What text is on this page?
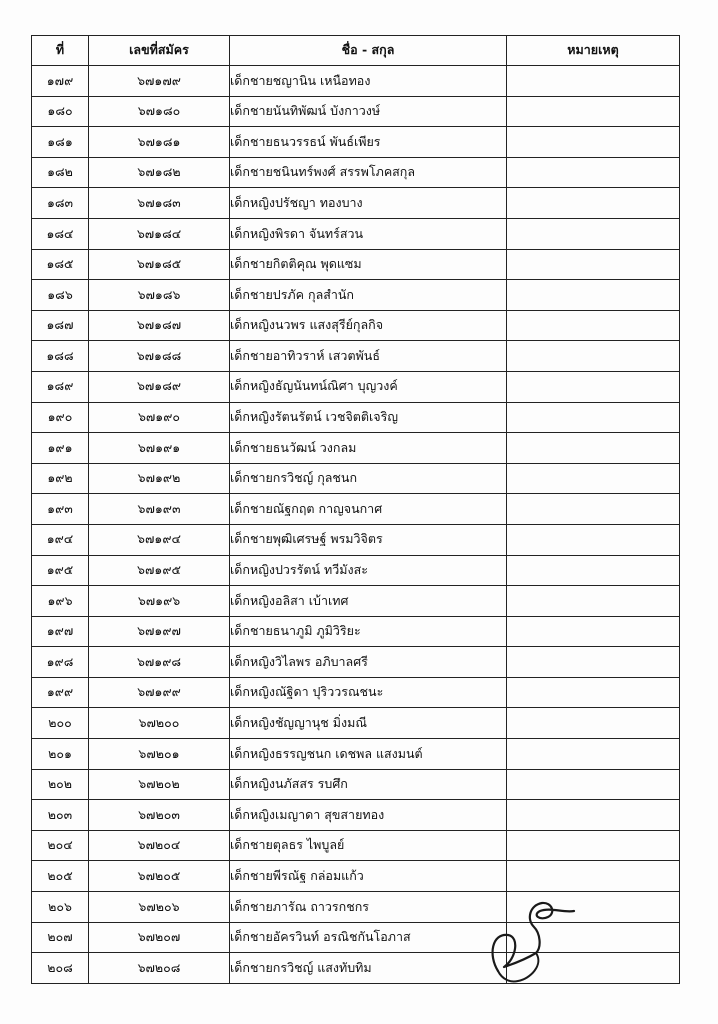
ที่	เลขที่สมัคร	ชื่อ - สกุล	หมายเหตุ
๑๗๙	๖๗๑๗๙	เด็กชายชญานิน เหนือทอง	
๑๘๐	๖๗๑๘๐	เด็กชายนันทิพัฒน์ บังกาวงษ์	
๑๘๑	๖๗๑๘๑	เด็กชายธนวรรธน์ พันธ์เพียร	
๑๘๒	๖๗๑๘๒	เด็กชายชนินทร์พงศ์ สรรพโภคสกุล	
๑๘๓	๖๗๑๘๓	เด็กหญิงปรัชญา ทองบาง	
๑๘๔	๖๗๑๘๔	เด็กหญิงพิรดา จันทร์สวน	
๑๘๕	๖๗๑๘๕	เด็กชายกิตติคุณ พุดแซม	
๑๘๖	๖๗๑๘๖	เด็กชายปรภัค กุลสำนัก	
๑๘๗	๖๗๑๘๗	เด็กหญิงนวพร แสงสุรีย์กุลกิจ	
๑๘๘	๖๗๑๘๘	เด็กชายอาทิวราห์ เสวตพันธ์	
๑๘๙	๖๗๑๘๙	เด็กหญิงธัญนันทน์ณิศา บุญวงค์	
๑๙๐	๖๗๑๙๐	เด็กหญิงรัตนรัตน์ เวชจิตติเจริญ	
๑๙๑	๖๗๑๙๑	เด็กชายธนวัฒน์ วงกลม	
๑๙๒	๖๗๑๙๒	เด็กชายกรวิชญ์ กุลชนก	
๑๙๓	๖๗๑๙๓	เด็กชายณัฐกฤต กาญจนกาศ	
๑๙๔	๖๗๑๙๔	เด็กชายพุฒิเศรษฐ์ พรมวิจิตร	
๑๙๕	๖๗๑๙๕	เด็กหญิงปวรรัตน์ ทวีมังสะ	
๑๙๖	๖๗๑๙๖	เด็กหญิงอลิสา เบ้าเทศ	
๑๙๗	๖๗๑๙๗	เด็กชายธนาภูมิ ภูมิวิริยะ	
๑๙๘	๖๗๑๙๘	เด็กหญิงวิไลพร อภิบาลศรี	
๑๙๙	๖๗๑๙๙	เด็กหญิงณัฐิดา ปุริววรณชนะ	
๒๐๐	๖๗๒๐๐	เด็กหญิงชัญญานุช มิ่งมณี	
๒๐๑	๖๗๒๐๑	เด็กหญิงธรรญชนก เดชพล แสงมนต์	
๒๐๒	๖๗๒๐๒	เด็กหญิงนภัสสร รบศึก	
๒๐๓	๖๗๒๐๓	เด็กหญิงเมญาดา สุขสายทอง	
๒๐๔	๖๗๒๐๔	เด็กชายตุลธร ไพบูลย์	
๒๐๕	๖๗๒๐๕	เด็กชายพีรณัฐ กล่อมแก้ว	
๒๐๖	๖๗๒๐๖	เด็กชายภารัณ ถาวรกชกร	
๒๐๗	๖๗๒๐๗	เด็กชายอัครวินท์ อรณิชกันโอภาส	
๒๐๘	๖๗๒๐๘	เด็กชายกรวิชญ์ แสงทับทิม	
